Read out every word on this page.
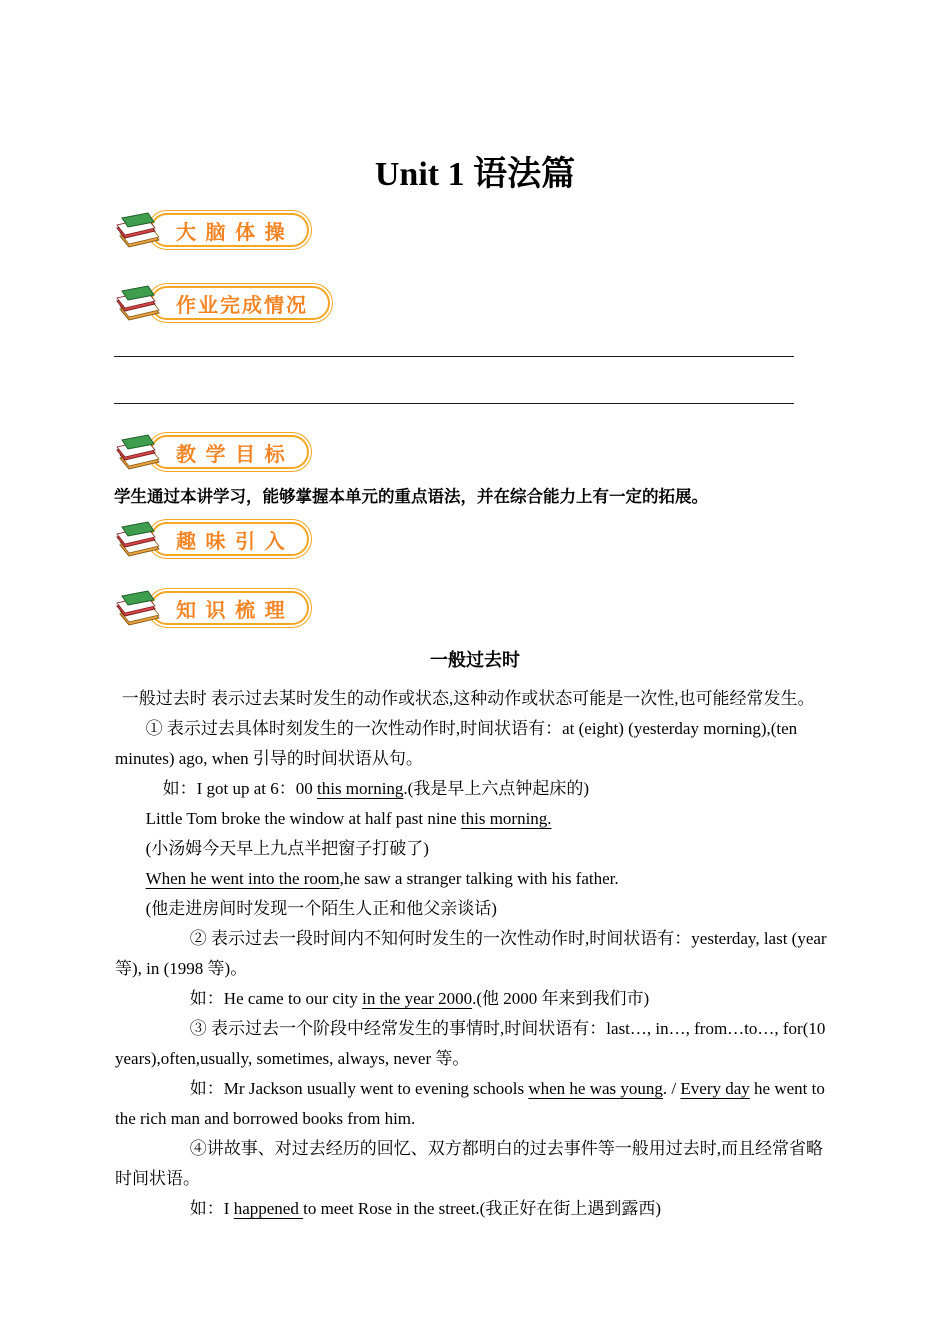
Unit 1 语法篇
大 脑 体 操
作业完成情况
教 学 目 标

学生通过本讲学习，能够掌握本单元的重点语法，并在综合能力上有一定的拓展。

趣 味 引 入
知 识 梳 理
一般过去时

一般过去时 表示过去某时发生的动作或状态,这种动作或状态可能是一次性,也可能经常发生。

① 表示过去具体时刻发生的一次性动作时,时间状语有：at (eight) (yesterday morning),(ten minutes) ago, when 引导的时间状语从句。

如：I got up at 6：00 this morning.(我是早上六点钟起床的)

Little Tom broke the window at half past nine this morning.

(小汤姆今天早上九点半把窗子打破了)

When he went into the room,he saw a stranger talking with his father.

(他走进房间时发现一个陌生人正和他父亲谈话)

② 表示过去一段时间内不知何时发生的一次性动作时,时间状语有：yesterday, last (year 等), in (1998 等)。

如：He came to our city in the year 2000.(他 2000 年来到我们市)

③ 表示过去一个阶段中经常发生的事情时,时间状语有：last…, in…, from…to…, for(10 years),often,usually, sometimes, always, never 等。

如：Mr Jackson usually went to evening schools when he was young. / Every day he went to the rich man and borrowed books from him.

④讲故事、对过去经历的回忆、双方都明白的过去事件等一般用过去时,而且经常省略时间状语。

如：I happened to meet Rose in the street.(我正好在街上遇到露西)
